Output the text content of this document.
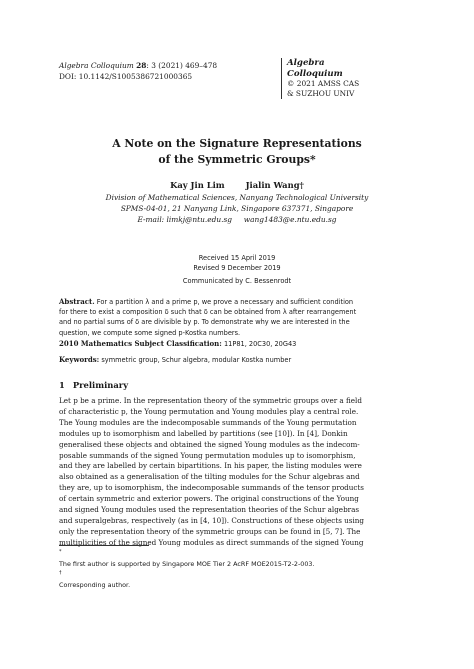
Algebra Colloquium 28: 3 (2021) 469–478
DOI: 10.1142/S1005386721000365
Algebra
Colloquium
© 2021 AMSS CAS
& SUZHOU UNIV
A Note on the Signature Representations
of the Symmetric Groups*
Kay Jin Lim Jialin Wang†
Division of Mathematical Sciences, Nanyang Technological University
SPMS-04-01, 21 Nanyang Link, Singapore 637371, Singapore
E-mail: limkj@ntu.edu.sg     wang1483@e.ntu.edu.sg
Received 15 April 2019
Revised 9 December 2019
Communicated by C. Bessenrodt
Abstract. For a partition λ and a prime p, we prove a necessary and sufficient condition
for there to exist a composition δ such that δ can be obtained from λ after rearrangement
and no partial sums of δ are divisible by p. To demonstrate why we are interested in the
question, we compute some signed p-Kostka numbers.
2010 Mathematics Subject Classification: 11P81, 20C30, 20G43
Keywords: symmetric group, Schur algebra, modular Kostka number
1 Preliminary
Let p be a prime. In the representation theory of the symmetric groups over a field
of characteristic p, the Young permutation and Young modules play a central role.
The Young modules are the indecomposable summands of the Young permutation
modules up to isomorphism and labelled by partitions (see [10]). In [4], Donkin
generalised these objects and obtained the signed Young modules as the indecom-
posable summands of the signed Young permutation modules up to isomorphism,
and they are labelled by certain bipartitions. In his paper, the listing modules were
also obtained as a generalisation of the tilting modules for the Schur algebras and
they are, up to isomorphism, the indecomposable summands of the tensor products
of certain symmetric and exterior powers. The original constructions of the Young
and signed Young modules used the representation theories of the Schur algebras
and superalgebras, respectively (as in [4, 10]). Constructions of these objects using
only the representation theory of the symmetric groups can be found in [5, 7]. The
multiplicities of the signed Young modules as direct summands of the signed Young
*
The first author is supported by Singapore MOE Tier 2 AcRF MOE2015-T2-2-003.
†
Corresponding author.
